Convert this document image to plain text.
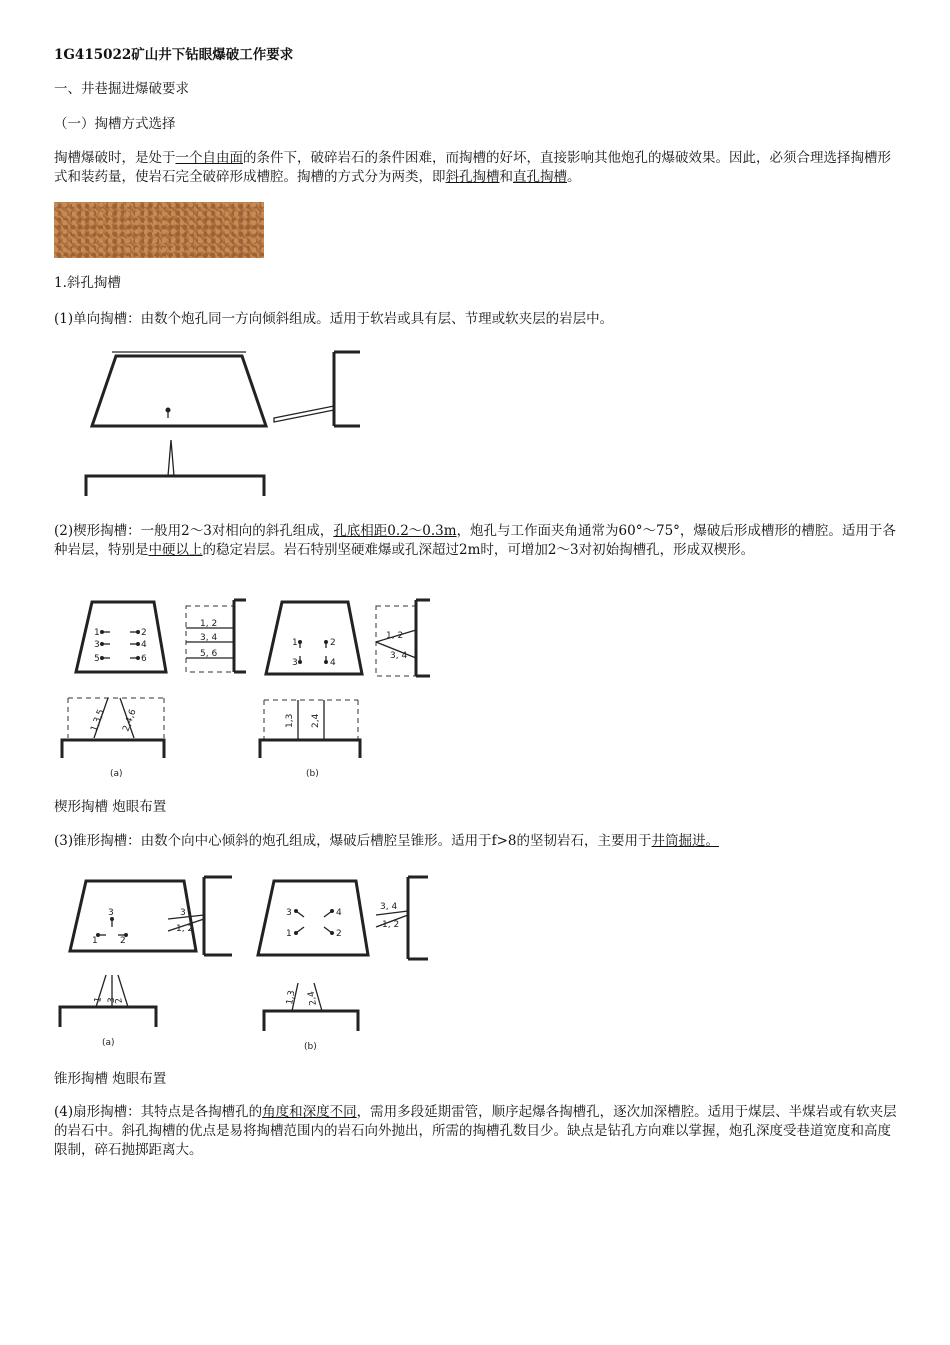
1G415022矿山井下钻眼爆破工作要求
一、井巷掘进爆破要求
（一）掏槽方式选择
掏槽爆破时，是处于一个自由面的条件下，破碎岩石的条件困难，而掏槽的好坏，直接影响其他炮孔的爆破效果。因此，必须合理选择掏槽形式和装药量，使岩石完全破碎形成槽腔。掏槽的方式分为两类，即斜孔掏槽和直孔掏槽。
1.斜孔掏槽
(1)单向掏槽：由数个炮孔同一方向倾斜组成。适用于软岩或具有层、节理或软夹层的岩层中。
(2)楔形掏槽：一般用2～3对相向的斜孔组成，孔底相距0.2～0.3m，炮孔与工作面夹角通常为60°～75°，爆破后形成槽形的槽腔。适用于各种岩层，特别是中硬以上的稳定岩层。岩石特别坚硬难爆或孔深超过2m时，可增加2～3对初始掏槽孔，形成双楔形。
1	2
3	4
5	6
1, 2
3, 4
5, 6
1,3,5 2,4,6
(a)
1	2
3	4
1, 2
3, 4
1,3 2,4
(b)
楔形掏槽 炮眼布置
(3)锥形掏槽：由数个向中心倾斜的炮孔组成，爆破后槽腔呈锥形。适用于f>8的坚韧岩石，主要用于井筒掘进。
3
1 2
3
1, 2
1 3
2
(a)
3	4
1	2
3, 4
1, 2
1,3 2,4
(b)
锥形掏槽 炮眼布置
(4)扇形掏槽：其特点是各掏槽孔的角度和深度不同，需用多段延期雷管，顺序起爆各掏槽孔，逐次加深槽腔。适用于煤层、半煤岩或有软夹层的岩石中。斜孔掏槽的优点是易将掏槽范围内的岩石向外抛出，所需的掏槽孔数目少。缺点是钻孔方向难以掌握，炮孔深度受巷道宽度和高度限制，碎石抛掷距离大。
